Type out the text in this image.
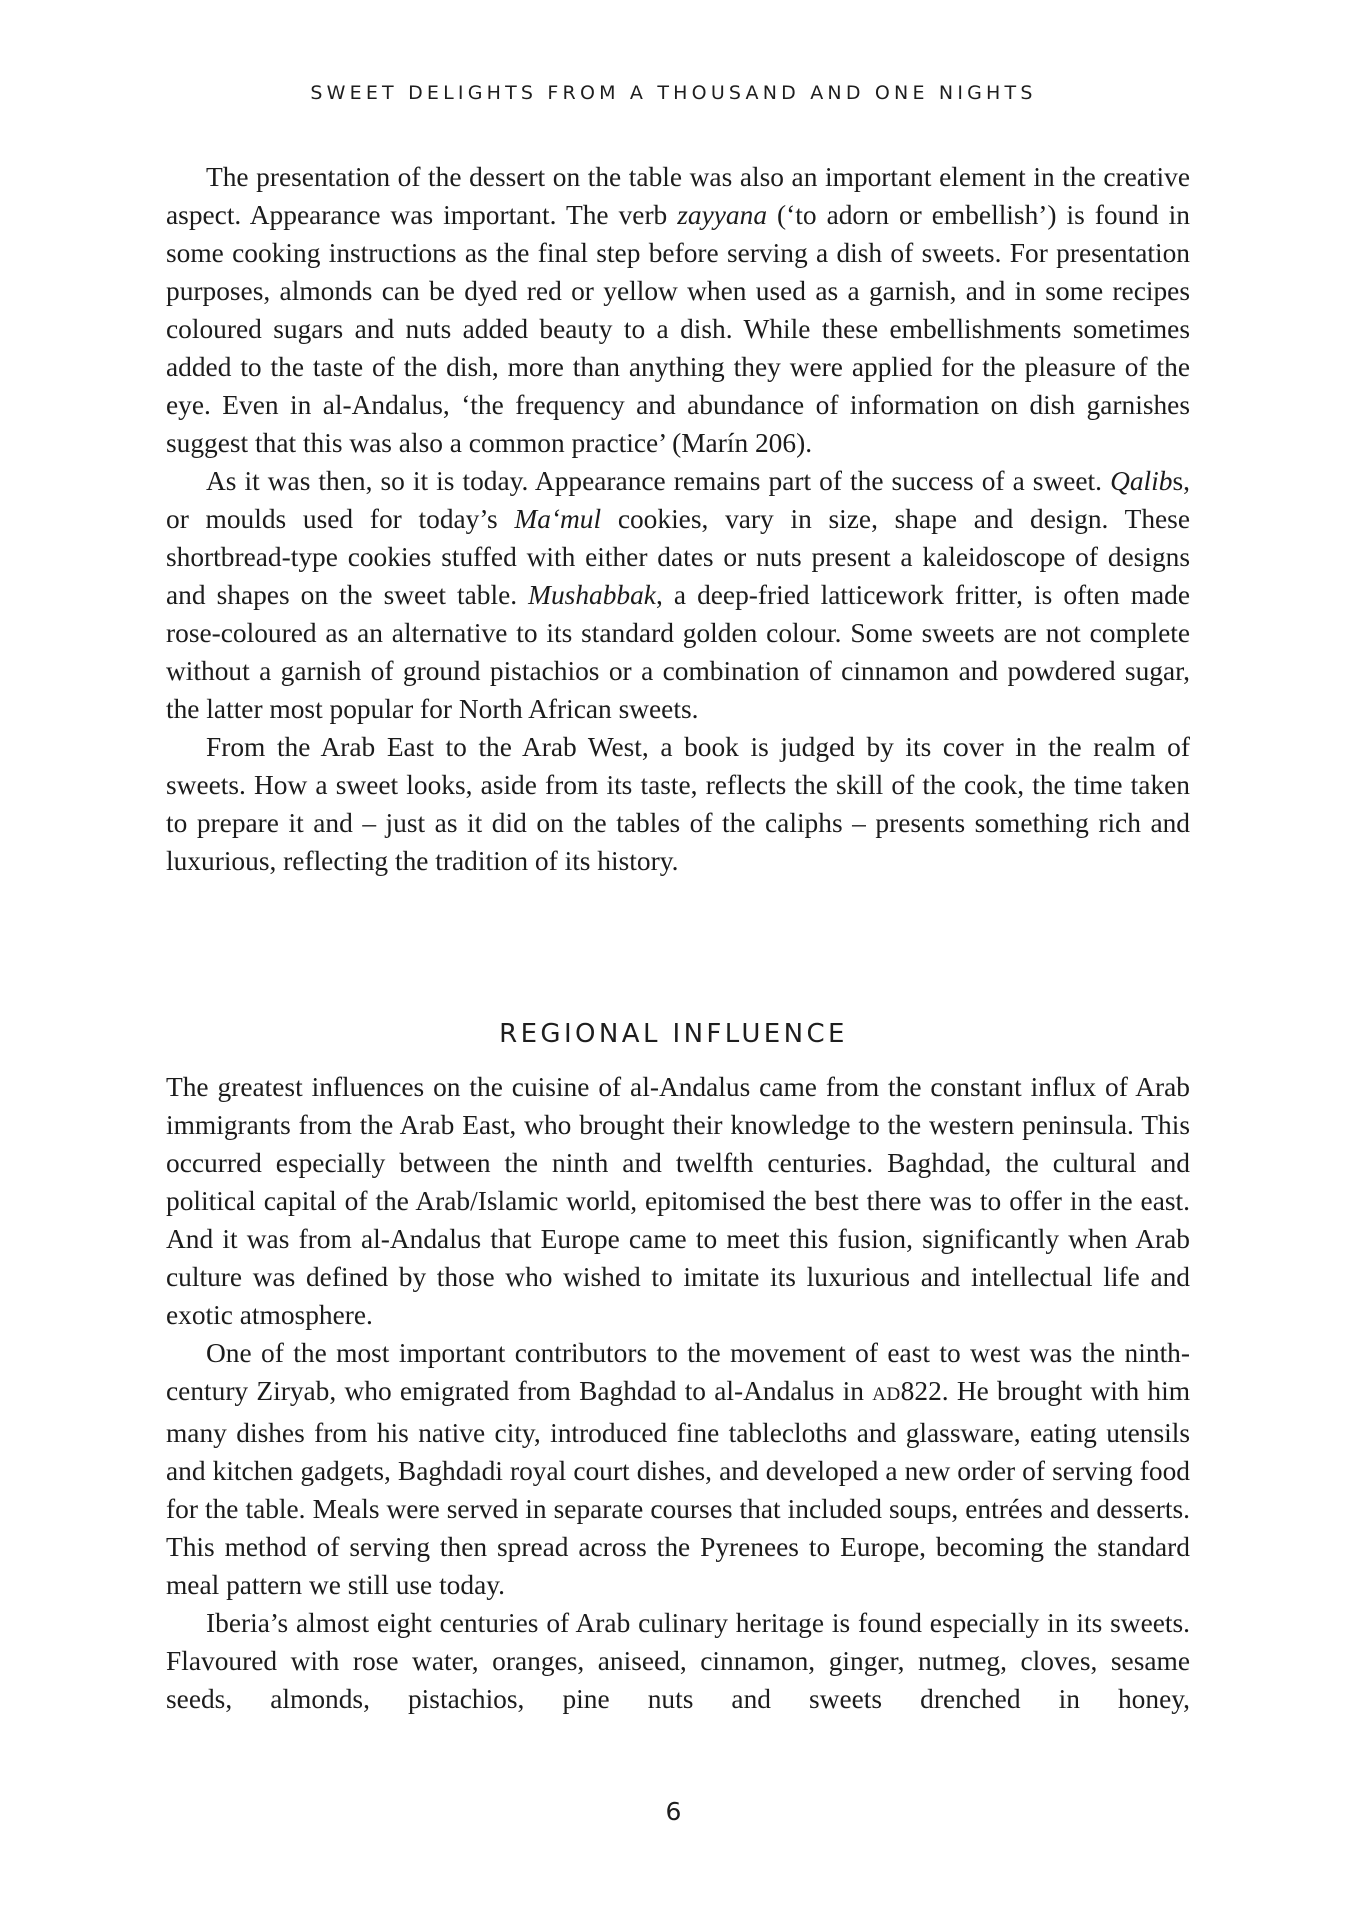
SWEET DELIGHTS FROM A THOUSAND AND ONE NIGHTS

The presentation of the dessert on the table was also an important element in the creative aspect. Appearance was important. The verb zayyana (‘to adorn or embellish’) is found in some cooking instructions as the final step before serving a dish of sweets. For presentation purposes, almonds can be dyed red or yellow when used as a garnish, and in some recipes coloured sugars and nuts added beauty to a dish. While these embellishments sometimes added to the taste of the dish, more than anything they were applied for the pleasure of the eye. Even in al-Andalus, ‘the frequency and abundance of information on dish garnishes suggest that this was also a common practice’ (Marín 206).

As it was then, so it is today. Appearance remains part of the success of a sweet. Qalibs, or moulds used for today’s Ma‘mul cookies, vary in size, shape and design. These shortbread-type cookies stuffed with either dates or nuts present a kaleidoscope of designs and shapes on the sweet table. Mushabbak, a deep-fried latticework fritter, is often made rose-coloured as an alternative to its standard golden colour. Some sweets are not complete without a garnish of ground pistachios or a combination of cinnamon and powdered sugar, the latter most popular for North African sweets.

From the Arab East to the Arab West, a book is judged by its cover in the realm of sweets. How a sweet looks, aside from its taste, reflects the skill of the cook, the time taken to prepare it and – just as it did on the tables of the caliphs – presents something rich and luxurious, reflecting the tradition of its history.

REGIONAL INFLUENCE

The greatest influences on the cuisine of al-Andalus came from the constant influx of Arab immigrants from the Arab East, who brought their knowledge to the western peninsula. This occurred especially between the ninth and twelfth centuries. Baghdad, the cultural and political capital of the Arab/Islamic world, epitomised the best there was to offer in the east. And it was from al-Andalus that Europe came to meet this fusion, significantly when Arab culture was defined by those who wished to imitate its luxurious and intellectual life and exotic atmosphere.

One of the most important contributors to the movement of east to west was the ninth-century Ziryab, who emigrated from Baghdad to al-Andalus in AD822. He brought with him many dishes from his native city, introduced fine tablecloths and glassware, eating utensils and kitchen gadgets, Baghdadi royal court dishes, and developed a new order of serving food for the table. Meals were served in separate courses that included soups, entrées and desserts. This method of serving then spread across the Pyrenees to Europe, becoming the standard meal pattern we still use today.

Iberia’s almost eight centuries of Arab culinary heritage is found especially in its sweets. Flavoured with rose water, oranges, aniseed, cinnamon, ginger, nutmeg, cloves, sesame seeds, almonds, pistachios, pine nuts and sweets drenched in honey,

6
